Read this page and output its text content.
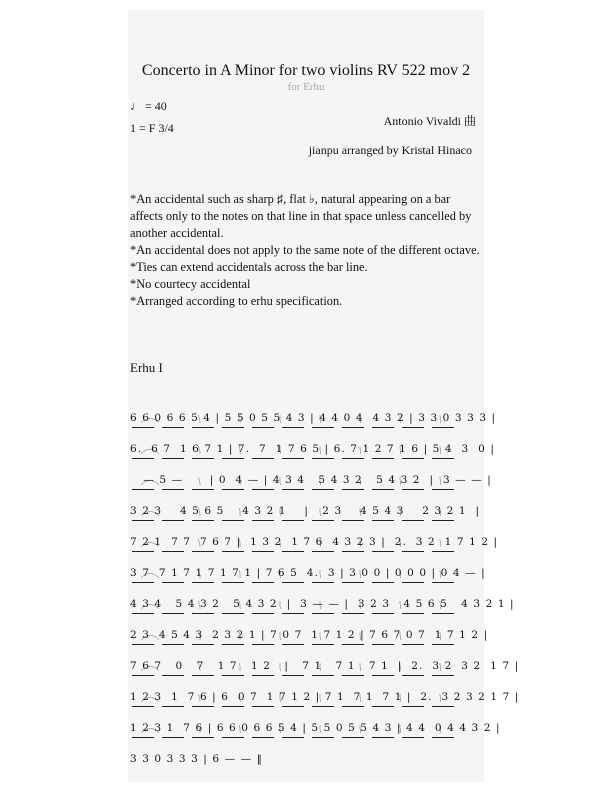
Concerto in A Minor for two violins RV 522 mov 2
for Erhu
♩ = 40
1 = F 3/4	Antonio Vivaldi 曲
jianpu arranged by Kristal Hinaco
*An accidental such as sharp ♯, flat ♭, natural appearing on a bar affects only to the notes on that line in that space unless cancelled by another accidental.
*An accidental does not apply to the same note of the different octave.
*Ties can extend accidentals across the bar line.
*No courtecy accidental
*Arranged according to erhu specification.
Erhu I
6 6 0 6 6 5 4 | 5 5 0 5 5 4 3 | 4 4 0 4  4 3 2 | 3 3 0 3 3 3 |
6.  6 7  1 6 7 1 | 7.  7  1 7 6 5 | 6. 7 1 2 7 1 6 | 5 4  3  0 |
— 5 —      | 0  4 — | 4 3 4   5 4 3 2   5 4 3 2  |  3 — — |
3 2 3    4 5 6 5    4 3 2 1    |   2 3    4 5 4 3    2 3 2 1  |
7 2 1  7 7  7 6 7 |  1 3 2  1 7 6  4 3 2 3 |  2.  3 2  1 7 1 2 |
3 7  7 1 7 1 7 1 7 1 | 7 6 5  4.  3 | 3 0 0 | 0 0 0 | 0 4 — |
4 3 4   5 4 3 2   5 4 3 2  |  3 — — |  3 2 3   4 5 6 5   4 3 2 1 |
2 3  4 5 4 3  2 3 2 1 | 7 0 7  1 7 1 2 | 7 6 7 0 7  1 7 1 2 |
7 6 7   0   7   1 7   1 2   |   7 1   7 1   7 1  |  2.  3 2  3 2  1 7 |
1 2 3  1  7 6 | 6  0 7  1 7 1 2 | 7 1  7 1  7 1 |  2.  3 2 3 2 1 7 |
1 2 3 1  7 6 | 6 6 0 6 6 5 4 | 5 5 0 5 5 4 3 | 4 4  0 4 4 3 2 |
3 3 0 3 3 3 | 6 — — ‖
